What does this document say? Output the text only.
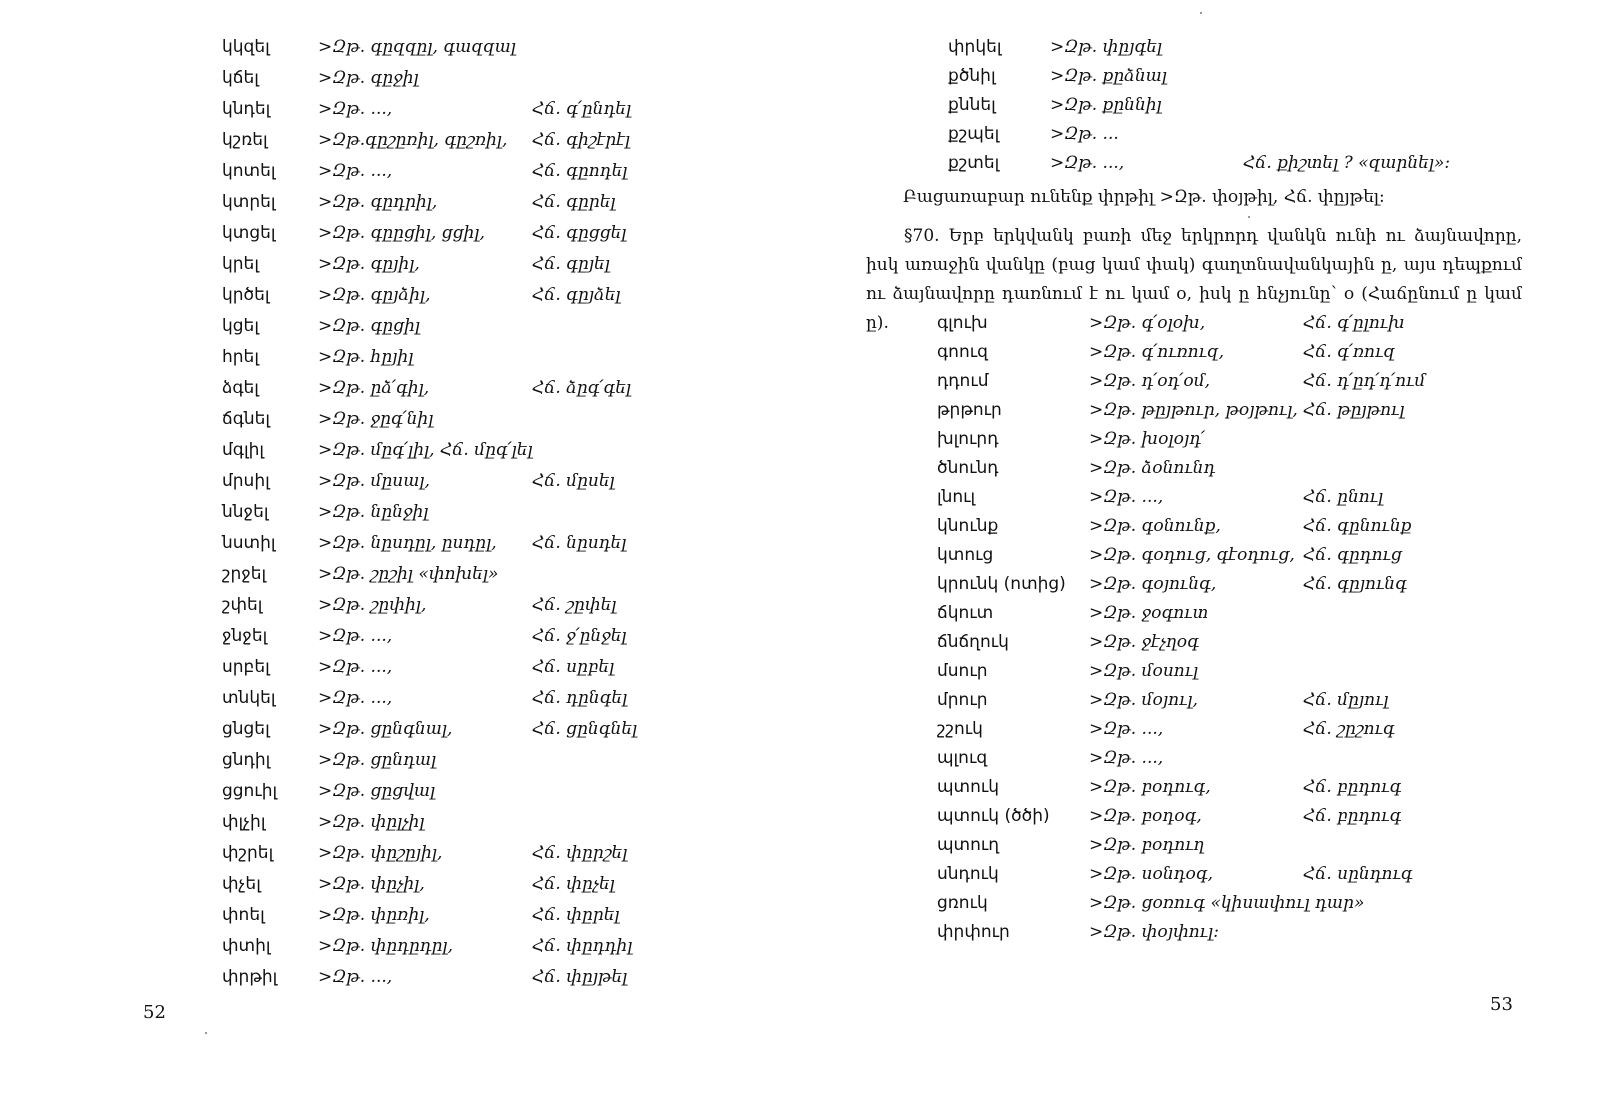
կկզել	>Զթ. գըզզըլ, գազզալ
կճել	>Զթ. գըջիլ
կնդել	>Զթ. ...,	Հճ. գ՛ընդել
կշռել	>Զթ.գըշըռիլ, գըշռիլ, Հճ. գիշէրէլ
կոտել	>Զթ. ...,	Հճ. գըոդել
կտրել	>Զթ. գըդրիլ,	Հճ. գըրել
կտցել	>Զթ. գըըցիլ, ցցիլ,	Հճ. գըցցել
կրել	>Զթ. գըյիլ,	Հճ. գըյել
կրծել	>Զթ. գըյձիլ,	Հճ. գըյձել
կցել	>Զթ. գըցիլ
հրել	>Զթ. հըյիլ
ձգել	>Զթ. ըձ՛գիլ,	Հճ. ձըգ՛գել
ճգնել	>Զթ. ջըգ՛նիլ
մգլիլ	>Զթ. մըգ՛լիլ, Հճ. մըգ՛լել
մրսիլ	>Զթ. մըսալ,	Հճ. մըսել
ննջել	>Զթ. նընջիլ
նստիլ	>Զթ. նըսդըլ, ըսդըլ, Հճ. նըսդել
շրջել	>Զթ. շըշիլ «փոխել»
շփել	>Զթ. շըփիլ,	Հճ. շըփել
ջնջել	>Զթ. ...,	Հճ. ջ՛ընջել
սրբել	>Զթ. ...,	Հճ. սըբել
տնկել	>Զթ. ...,	Հճ. դընգել
ցնցել	>Զթ. ցընգնալ,	Հճ. ցընգնել
ցնդիլ	>Զթ. ցընդալ
ցցուիլ >Զթ. ցըցվալ
փլչիլ	>Զթ. փըլչիլ
փշրել	>Զթ. փըշըյիլ,	Հճ. փըրշել
փչել	>Զթ. փըչիլ,	Հճ. փըչել
փոել	>Զթ. փըռիլ,	Հճ. փըրել
փտիլ	>Զթ. փըդըդըլ,	Հճ. փըդդիլ
փրթիլ >Զթ. ...,	Հճ. փըյթել
52
փրկել	>Զթ. փըյգել
քծնիլ	>Զթ. քըձնալ
քննել	>Զթ. քըննիլ
քշպել	>Զթ. ...
քշտել	>Զթ. ...,	Հճ. քիշտել ? «զարնել»:
Բացառաբար ունենք փրթիլ >Զթ. փօյթիլ, Հճ. փըյթել:
§70. Երբ երկվանկ բառի մեջ երկրորդ վանկն ունի ու ձայնավորը, իսկ առաջին վանկը (բաց կամ փակ) գաղտնավանկային ը, այս դեպքում ու ձայնավորը դառնում է ու կամ օ, իսկ ը հնչյունը՝ օ (Հաճընում ը կամ ը).	գլուխ	>Զթ. գ՛օլօխ,	Հճ. գ՛ըլուխ
գոուզ	>Զթ. գ՛ուռուզ,	Հճ. գ՛ռուզ
դդում	>Զթ. դ՛օդ՛օմ,	Հճ. դ՛ըդ՛դ՛ում
թրթուր	>Զթ. թըյթուր, թօյթուլ, Հճ. թըյթուլ
խլուրդ	>Զթ. խօլօյդ՛
ծնունդ	>Զթ. ձօնունդ
լնուլ	>Զթ. ...,	Հճ. ընուլ
կնունք	>Զթ. գօնունք,	Հճ. գընունք
կտուց	>Զթ. գօդուց, գէօդուց, Հճ. գըդուց
կրունկ (ոտից) >Զթ. գօյունգ,	Հճ. գըյունգ
ճկուտ	>Զթ. ջօգուտ
ճնճղուկ	>Զթ. ջէչղօգ
մսուր	>Զթ. մօսուլ
մրուր	>Զթ. մօյուլ,	Հճ. մըյուլ
շշուկ	>Զթ. ...,	Հճ. շըշուգ
պլուզ	>Զթ. ...,
պտուկ	>Զթ. բօդուգ,	Հճ. բըդուգ
պտուկ (ծծի) >Զթ. բօդօգ,	Հճ. բըդուգ
պտուղ	>Զթ. բօդուղ
սնդուկ	>Զթ. սօնդօգ,	Հճ. սընդուգ
ցռուկ	>Զթ. ցօռուգ «կիսափուլ դար»
փրփուր	>Զթ. փօյփուլ:
53
